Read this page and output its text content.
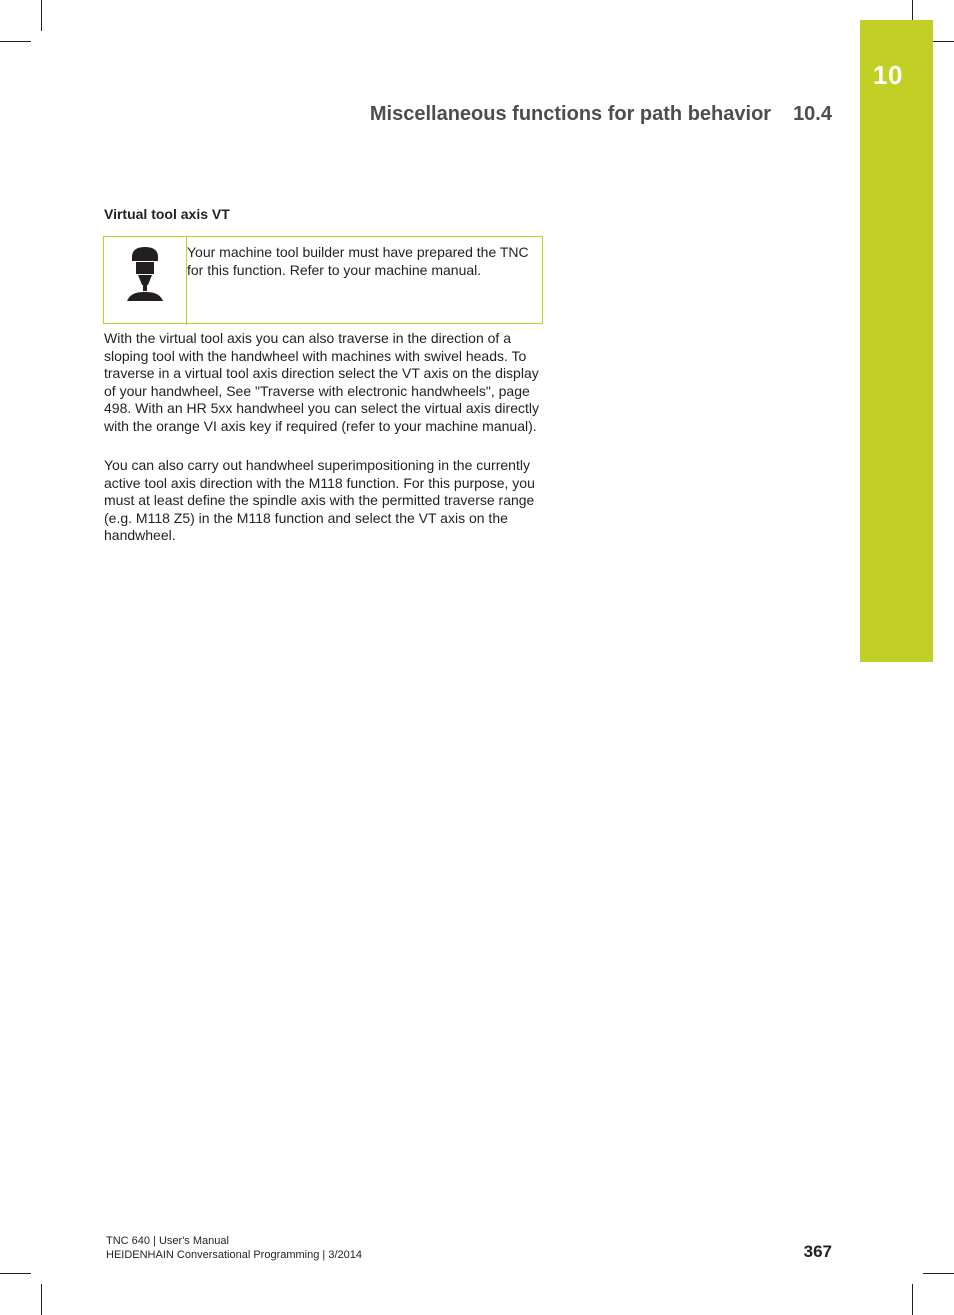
10
Miscellaneous functions for path behavior 10.4
Virtual tool axis VT
Your machine tool builder must have prepared the TNC for this function. Refer to your machine manual.

With the virtual tool axis you can also traverse in the direction of a sloping tool with the handwheel with machines with swivel heads. To traverse in a virtual tool axis direction select the VT axis on the display of your handwheel, See "Traverse with electronic handwheels", page 498. With an HR 5xx handwheel you can select the virtual axis directly with the orange VI axis key if required (refer to your machine manual).

You can also carry out handwheel superimpositioning in the currently active tool axis direction with the M118 function. For this purpose, you must at least define the spindle axis with the permitted traverse range (e.g. M118 Z5) in the M118 function and select the VT axis on the handwheel.

TNC 640 | User's Manual
HEIDENHAIN Conversational Programming | 3/2014	367
